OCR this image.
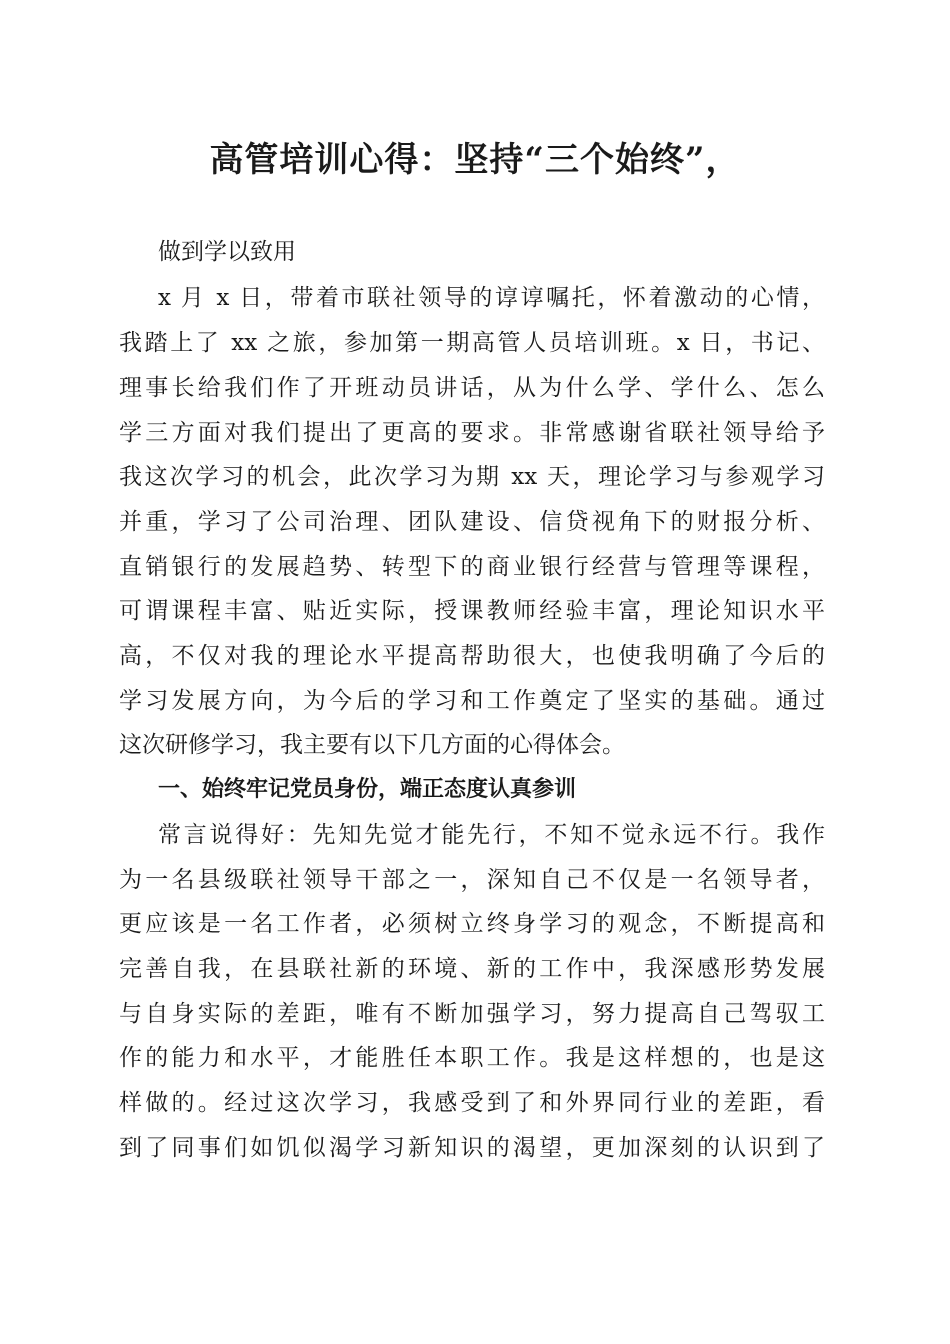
高管培训心得：坚持“三个始终”，
做到学以致用
x 月 x 日，带着市联社领导的谆谆嘱托，怀着激动的心情，
我踏上了 xx 之旅，参加第一期高管人员培训班。x 日，书记、
理事长给我们作了开班动员讲话，从为什么学、学什么、怎么
学三方面对我们提出了更高的要求。非常感谢省联社领导给予
我这次学习的机会，此次学习为期 xx 天，理论学习与参观学习
并重，学习了公司治理、团队建设、信贷视角下的财报分析、
直销银行的发展趋势、转型下的商业银行经营与管理等课程，
可谓课程丰富、贴近实际，授课教师经验丰富，理论知识水平
高，不仅对我的理论水平提高帮助很大，也使我明确了今后的
学习发展方向，为今后的学习和工作奠定了坚实的基础。通过
这次研修学习，我主要有以下几方面的心得体会。
一、始终牢记党员身份，端正态度认真参训
常言说得好：先知先觉才能先行，不知不觉永远不行。我作
为一名县级联社领导干部之一，深知自己不仅是一名领导者，
更应该是一名工作者，必须树立终身学习的观念，不断提高和
完善自我，在县联社新的环境、新的工作中，我深感形势发展
与自身实际的差距，唯有不断加强学习，努力提高自己驾驭工
作的能力和水平，才能胜任本职工作。我是这样想的，也是这
样做的。经过这次学习，我感受到了和外界同行业的差距，看
到了同事们如饥似渴学习新知识的渴望，更加深刻的认识到了
